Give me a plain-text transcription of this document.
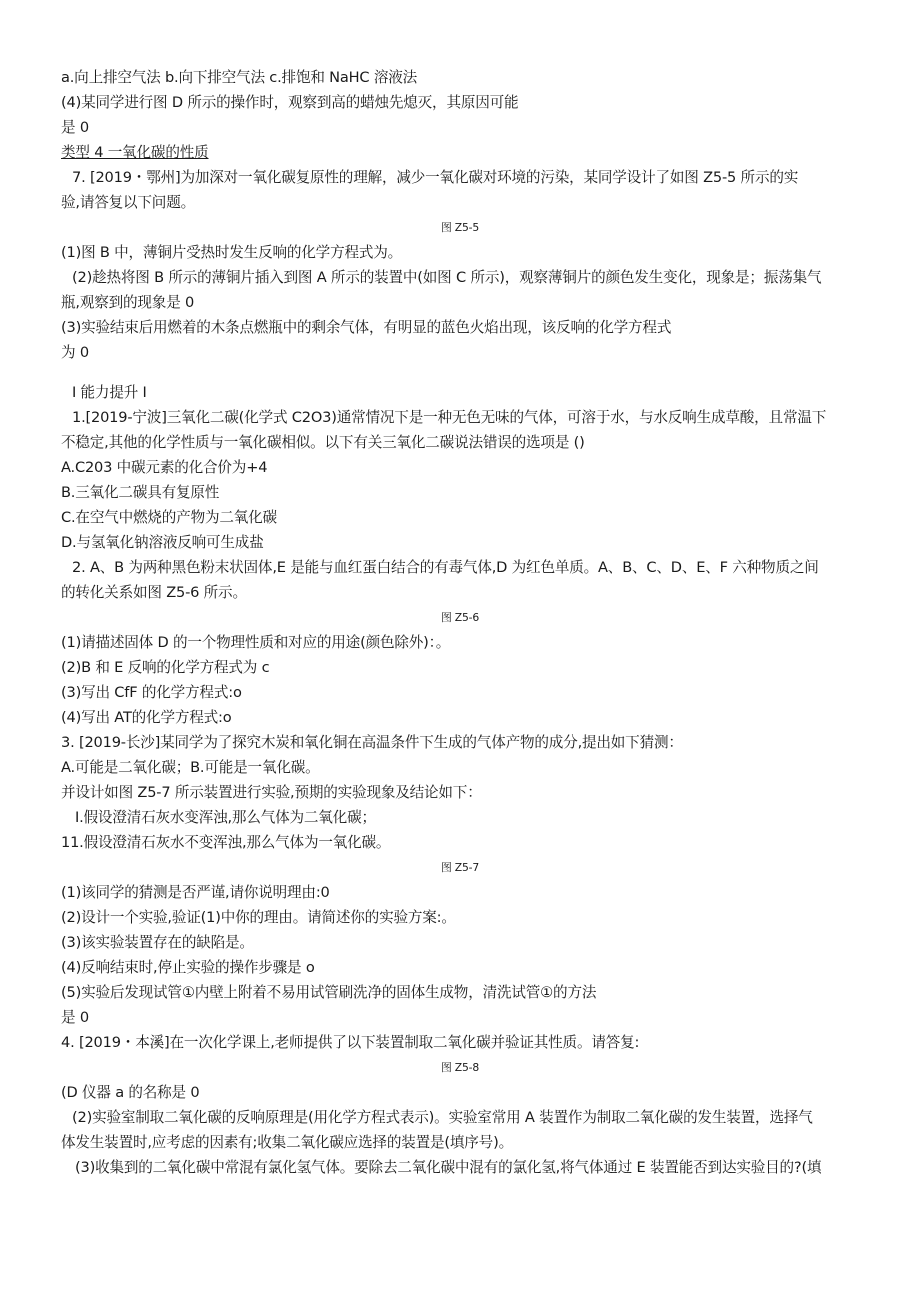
a.向上排空气法 b.向下排空气法 c.排饱和 NaHC 溶液法
(4)某同学进行图 D 所示的操作时，观察到高的蜡烛先熄灭，其原因可能
是 0
类型 4 一氧化碳的性质
7. [2019・鄂州]为加深对一氧化碳复原性的理解，减少一氧化碳对环境的污染，某同学设计了如图 Z5-5 所示的实
验,请答复以下问题。
图 Z5-5
(1)图 B 中，薄铜片受热时发生反响的化学方程式为。
(2)趁热将图 B 所示的薄铜片插入到图 A 所示的装置中(如图 C 所示)，观察薄铜片的颜色发生变化，现象是；振荡集气
瓶,观察到的现象是 0
(3)实验结束后用燃着的木条点燃瓶中的剩余气体，有明显的蓝色火焰出现，该反响的化学方程式
为 0
I 能力提升 I
1.[2019-宁波]三氧化二碳(化学式 C2O3)通常情况下是一种无色无味的气体，可溶于水，与水反响生成草酸，且常温下
不稳定,其他的化学性质与一氧化碳相似。以下有关三氧化二碳说法错误的选项是 ()
A.C203 中碳元素的化合价为+4
B.三氧化二碳具有复原性
C.在空气中燃烧的产物为二氧化碳
D.与氢氧化钠溶液反响可生成盐
2. A、B 为两种黑色粉末状固体,E 是能与血红蛋白结合的有毒气体,D 为红色单质。A、B、C、D、E、F 六种物质之间
的转化关系如图 Z5-6 所示。
图 Z5-6
(1)请描述固体 D 的一个物理性质和对应的用途(颜色除外)：。
(2)B 和 E 反响的化学方程式为 c
(3)写出 CfF 的化学方程式:o
(4)写出 AT的化学方程式:o
3. [2019-长沙]某同学为了探究木炭和氧化铜在高温条件下生成的气体产物的成分,提出如下猜测：
A.可能是二氧化碳；B.可能是一氧化碳。
并设计如图 Z5-7 所示装置进行实验,预期的实验现象及结论如下：
I.假设澄清石灰水变浑浊,那么气体为二氧化碳；
11.假设澄清石灰水不变浑浊,那么气体为一氧化碳。
图 Z5-7
(1)该同学的猜测是否严谨,请你说明理由:0
(2)设计一个实验,验证(1)中你的理由。请简述你的实验方案:。
(3)该实验装置存在的缺陷是。
(4)反响结束时,停止实验的操作步骤是 o
(5)实验后发现试管①内壁上附着不易用试管刷洗净的固体生成物，清洗试管①的方法
是 0
4. [2019・本溪]在一次化学课上,老师提供了以下装置制取二氧化碳并验证其性质。请答复:
图 Z5-8
(D 仪器 a 的名称是 0
(2)实验室制取二氧化碳的反响原理是(用化学方程式表示)。实验室常用 A 装置作为制取二氧化碳的发生装置，选择气
体发生装置时,应考虑的因素有;收集二氧化碳应选择的装置是(填序号)。
(3)收集到的二氧化碳中常混有氯化氢气体。要除去二氧化碳中混有的氯化氢,将气体通过 E 装置能否到达实验目的?(填
